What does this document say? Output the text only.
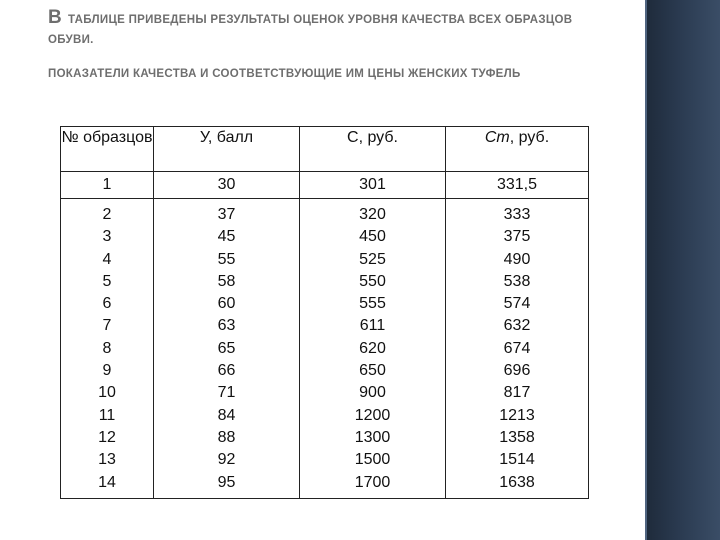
ВТАБЛИЦЕ ПРИВЕДЕНЫ РЕЗУЛЬТАТЫ ОЦЕНОК УРОВНЯ КАЧЕСТВА ВСЕХ ОБРАЗЦОВ ОБУВИ.
ПОКАЗАТЕЛИ КАЧЕСТВА И СООТВЕТСТВУЮЩИЕ ИМ ЦЕНЫ ЖЕНСКИХ ТУФЕЛЬ
№ образцов	У, балл	С, руб.	Ст, руб.
1	30	301	331,5
2	37	320	333
3	45	450	375
4	55	525	490
5	58	550	538
6	60	555	574
7	63	611	632
8	65	620	674
9	66	650	696
10	71	900	817
11	84	1200	1213
12	88	1300	1358
13	92	1500	1514
14	95	1700	1638
